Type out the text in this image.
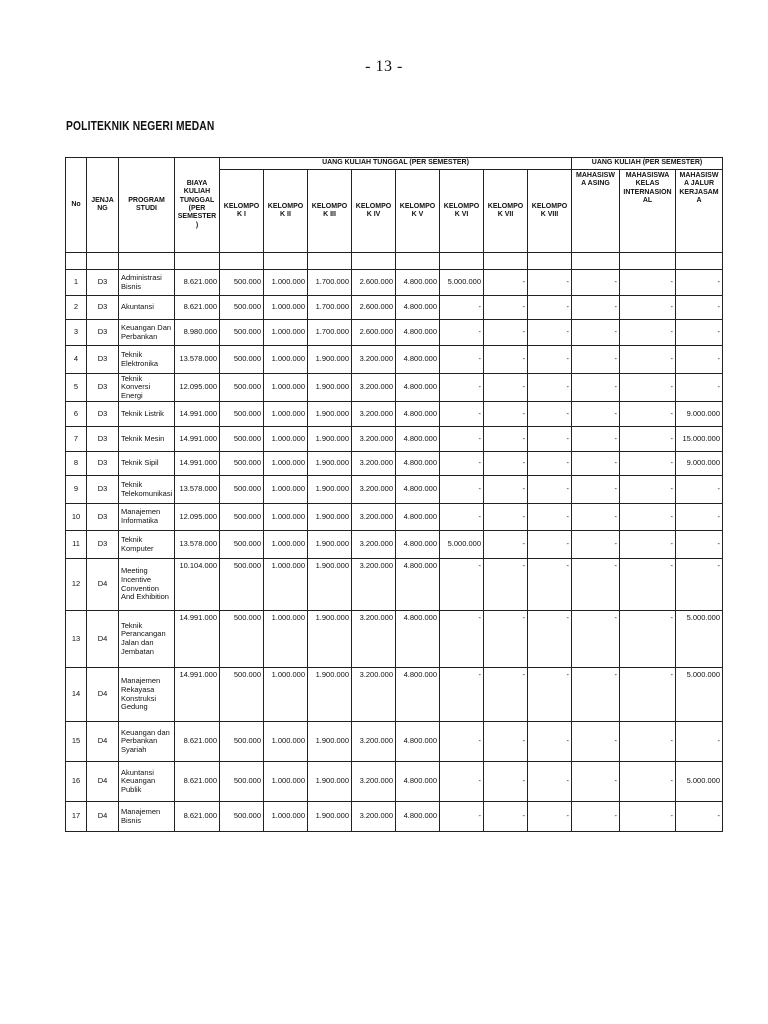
- 13 -
POLITEKNIK NEGERI MEDAN
No	JENJANG	PROGRAM STUDI	BIAYA KULIAH TUNGGAL (PER SEMESTER)	UANG KULIAH TUNGGAL (PER SEMESTER)								UANG KULIAH (PER SEMESTER)		
				KELOMPOK I	KELOMPOK II	KELOMPOK III	KELOMPOK IV	KELOMPOK V	KELOMPOK VI	KELOMPOK VII	KELOMPOK VIII	MAHASISWA ASING	MAHASISWA KELAS INTERNASIONAL	MAHASISWA JALUR KERJASAMA

1	D3	Administrasi Bisnis	8.621.000	500.000	1.000.000	1.700.000	2.600.000	4.800.000	5.000.000	-	-	-	-	-
2	D3	Akuntansi	8.621.000	500.000	1.000.000	1.700.000	2.600.000	4.800.000	-	-	-	-	-	-
3	D3	Keuangan Dan Perbankan	8.980.000	500.000	1.000.000	1.700.000	2.600.000	4.800.000	-	-	-	-	-	-
4	D3	Teknik Elektronika	13.578.000	500.000	1.000.000	1.900.000	3.200.000	4.800.000	-	-	-	-	-	-
5	D3	Teknik Konversi Energi	12.095.000	500.000	1.000.000	1.900.000	3.200.000	4.800.000	-	-	-	-	-	-
6	D3	Teknik Listrik	14.991.000	500.000	1.000.000	1.900.000	3.200.000	4.800.000	-	-	-	-	-	9.000.000
7	D3	Teknik Mesin	14.991.000	500.000	1.000.000	1.900.000	3.200.000	4.800.000	-	-	-	-	-	15.000.000
8	D3	Teknik Sipil	14.991.000	500.000	1.000.000	1.900.000	3.200.000	4.800.000	-	-	-	-	-	9.000.000
9	D3	Teknik Telekomunikasi	13.578.000	500.000	1.000.000	1.900.000	3.200.000	4.800.000	-	-	-	-	-	-
10	D3	Manajemen Informatika	12.095.000	500.000	1.000.000	1.900.000	3.200.000	4.800.000	-	-	-	-	-	-
11	D3	Teknik Komputer	13.578.000	500.000	1.000.000	1.900.000	3.200.000	4.800.000	5.000.000	-	-	-	-	-
12	D4	Meeting Incentive Convention And Exhibition	10.104.000	500.000	1.000.000	1.900.000	3.200.000	4.800.000	-	-	-	-	-	-
13	D4	Teknik Perancangan Jalan dan Jembatan	14.991.000	500.000	1.000.000	1.900.000	3.200.000	4.800.000	-	-	-	-	-	5.000.000
14	D4	Manajemen Rekayasa Konstruksi Gedung	14.991.000	500.000	1.000.000	1.900.000	3.200.000	4.800.000	-	-	-	-	-	5.000.000
15	D4	Keuangan dan Perbankan Syariah	8.621.000	500.000	1.000.000	1.900.000	3.200.000	4.800.000	-	-	-	-	-	-
16	D4	Akuntansi Keuangan Publik	8.621.000	500.000	1.000.000	1.900.000	3.200.000	4.800.000	-	-	-	-	-	5.000.000
17	D4	Manajemen Bisnis	8.621.000	500.000	1.000.000	1.900.000	3.200.000	4.800.000	-	-	-	-	-	-
